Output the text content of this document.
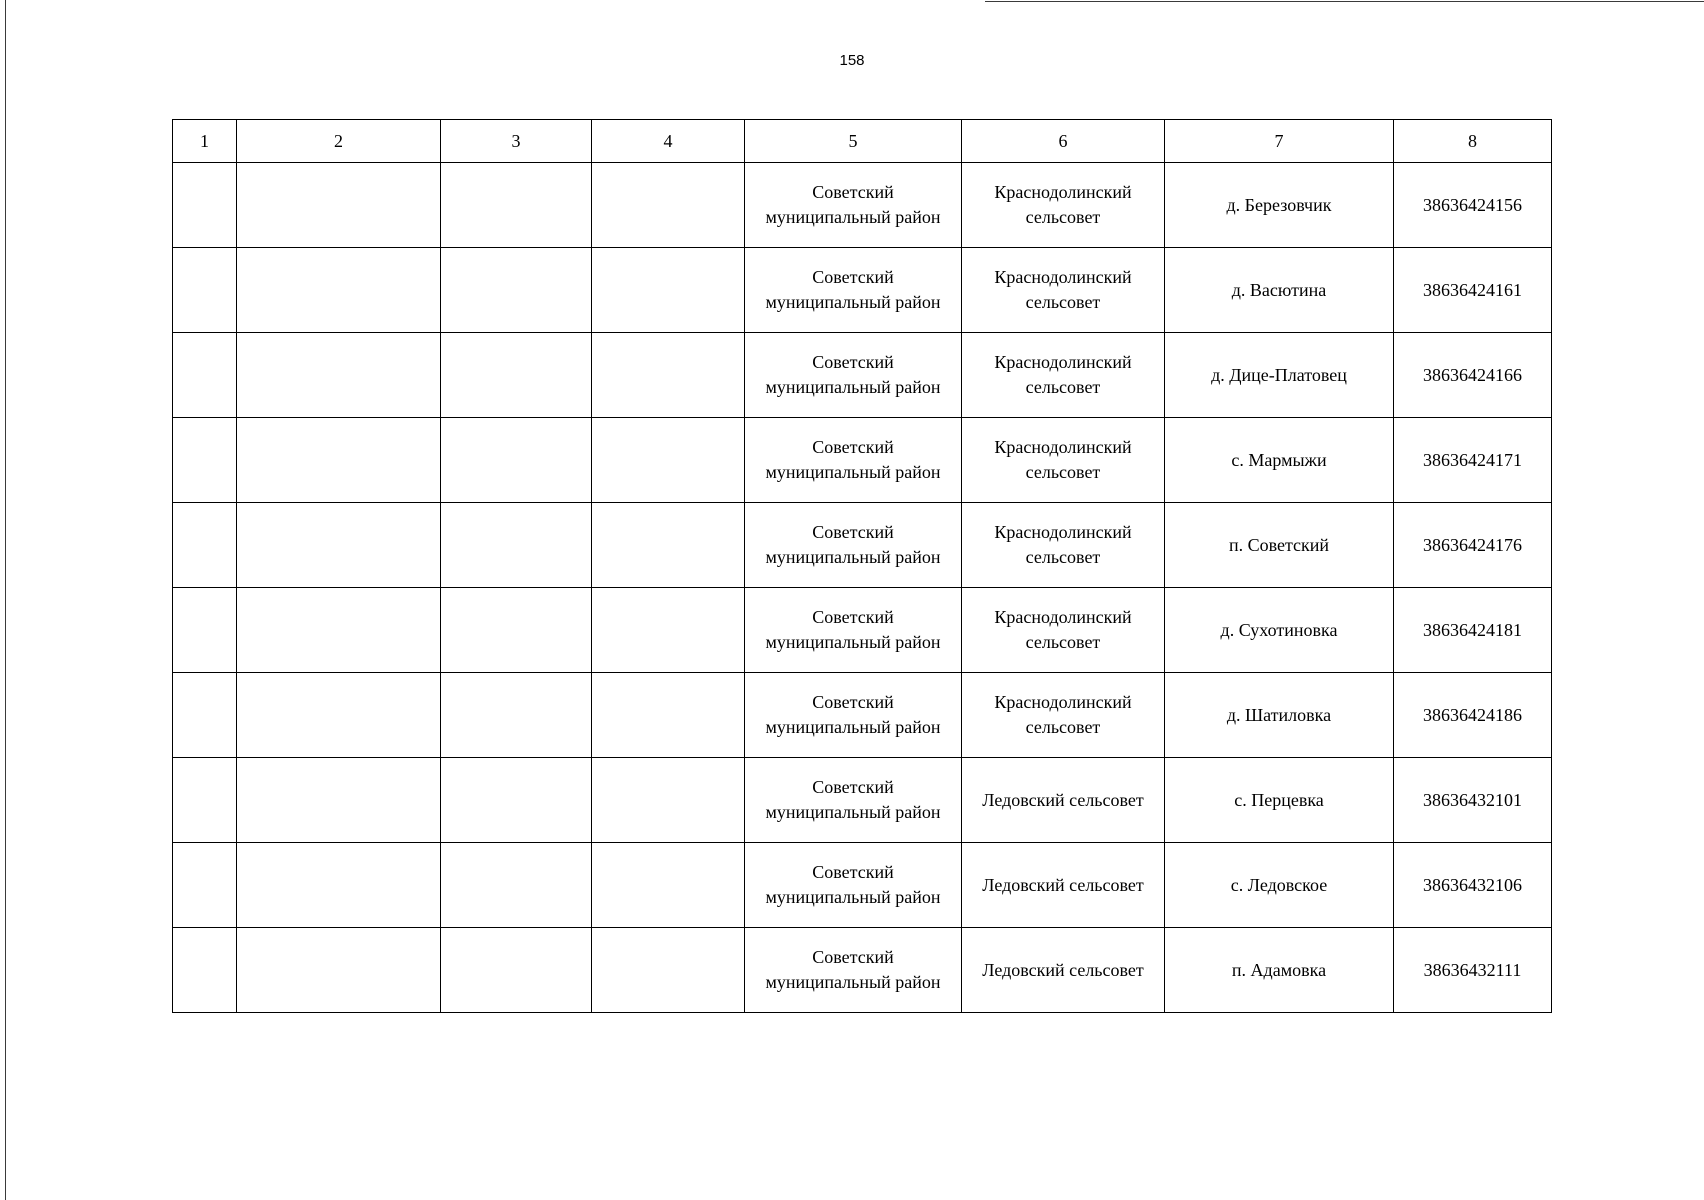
158
1	2	3	4	5	6	7	8
				Советский
муниципальный район	Краснодолинский
сельсовет	д. Березовчик	38636424156
				Советский
муниципальный район	Краснодолинский
сельсовет	д. Васютина	38636424161
				Советский
муниципальный район	Краснодолинский
сельсовет	д. Дице-Платовец	38636424166
				Советский
муниципальный район	Краснодолинский
сельсовет	с. Мармыжи	38636424171
				Советский
муниципальный район	Краснодолинский
сельсовет	п. Советский	38636424176
				Советский
муниципальный район	Краснодолинский
сельсовет	д. Сухотиновка	38636424181
				Советский
муниципальный район	Краснодолинский
сельсовет	д. Шатиловка	38636424186
				Советский
муниципальный район	Ледовский сельсовет	с. Перцевка	38636432101
				Советский
муниципальный район	Ледовский сельсовет	с. Ледовское	38636432106
				Советский
муниципальный район	Ледовский сельсовет	п. Адамовка	38636432111
